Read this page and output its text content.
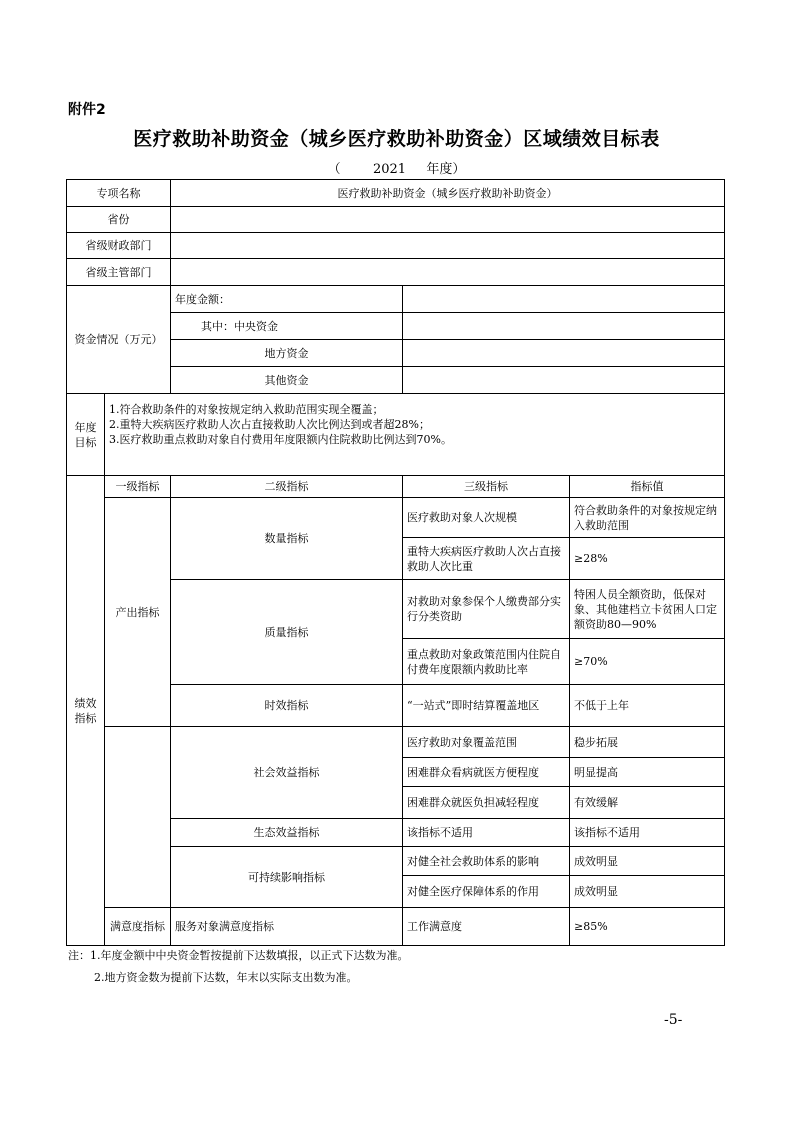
附件2
医疗救助补助资金（城乡医疗救助补助资金）区域绩效目标表
（ 2021 年度）
专项名称		医疗救助补助资金（城乡医疗救助补助资金）		
省份				
省级财政部门				
省级主管部门				
资金情况（万元）		年度金额：		
		其中：中央资金		
		地方资金		
		其他资金		
年度目标	1.符合救助条件的对象按规定纳入救助范围实现全覆盖；
2.重特大疾病医疗救助人次占直接救助人次比例达到或者超28%；
3.医疗救助重点救助对象自付费用年度限额内住院救助比例达到70%。			

绩效指标	一级指标	二级指标	三级指标	指标值
	产出指标	数量指标	医疗救助对象人次规模	符合救助条件的对象按规定纳入救助范围
			重特大疾病医疗救助人次占直接救助人次比重	≥28%
		质量指标	对救助对象参保个人缴费部分实行分类资助	特困人员全额资助，低保对象、其他建档立卡贫困人口定额资助80—90%
			重点救助对象政策范围内住院自付费年度限额内救助比率	≥70%
		时效指标	“一站式”即时结算覆盖地区	不低于上年
		社会效益指标	医疗救助对象覆盖范围	稳步拓展
			困难群众看病就医方便程度	明显提高
			困难群众就医负担减轻程度	有效缓解
		生态效益指标	该指标不适用	该指标不适用
		可持续影响指标	对健全社会救助体系的影响	成效明显
			对健全医疗保障体系的作用	成效明显
	满意度指标	服务对象满意度指标	工作满意度	≥85%
注：1.年度金额中中央资金暂按提前下达数填报，以正式下达数为准。
2.地方资金数为提前下达数，年末以实际支出数为准。
-5-
